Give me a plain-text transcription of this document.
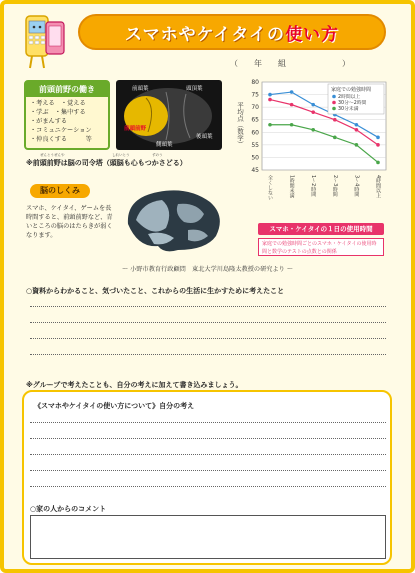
スマホやケイタイの使い方
（　　年　　組　　　　　　　）
前頭前野の働き
・考える　・覚える
・学ぶ　・集中する
・がまんする
・コミュニケーション
・仲良くする　　　等
前頭葉	頭頂葉
前頭前野
側頭葉
後頭葉
ぜんとうぜんや	しれいとう	ずのう
※前頭前野は脳の司令塔（頭脳も心もつかさどる）
脳のしくみ
スマホ、ケイタイ、ゲームを長時間すると、前頭前野など、青いところの脳のはたらきが弱くなります。
～ 小野市教育行政顧問　東北大学川島隆太教授の研究より ～
45
50
55
60
65
70
75
80
平均点（数学）
全くしない	1時間未満	1～2時間	2～3時間	3～4時間	4時間以上
家庭での勉強時間
2時間以上
30分～2時間
30分未満
スマホ・ケイタイの１日の使用時間
家庭での勉強時間ごとのスマホ・ケイタイの使用時間と数学のテストの点数との関係
○資料からわかること、気づいたこと、これからの生活に生かすために考えたこと
※グループで考えたことも、自分の考えに加えて書き込みましょう。
《スマホやケイタイの使い方について》自分の考え
○家の人からのコメント
